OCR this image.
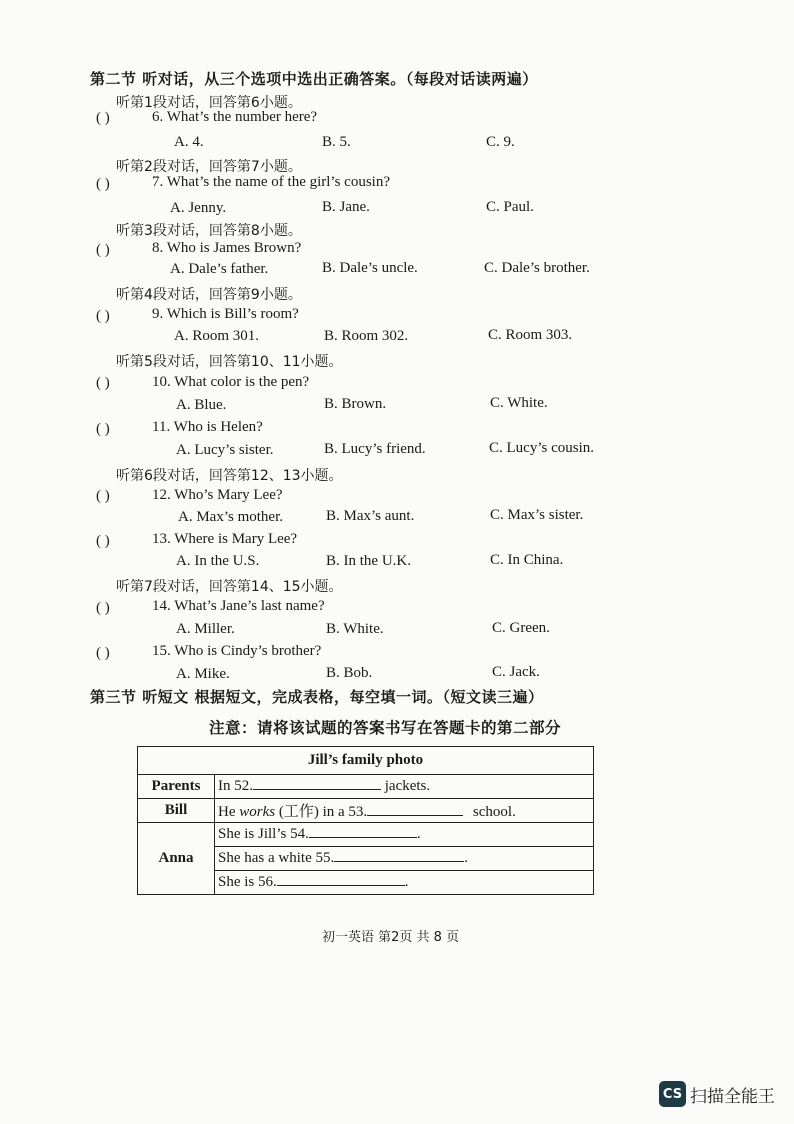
第二节 听对话，从三个选项中选出正确答案。（每段对话读两遍）
听第1段对话，回答第6小题。
( )	6. What’s the number here?
A. 4.	B. 5.	C. 9.
听第2段对话，回答第7小题。
( )	7. What’s the name of the girl’s cousin?
A. Jenny.	B. Jane.	C. Paul.
听第3段对话，回答第8小题。
( )	8. Who is James Brown?
A. Dale’s father.	B. Dale’s uncle.	C. Dale’s brother.
听第4段对话，回答第9小题。
( )	9. Which is Bill’s room?
A. Room 301.	B. Room 302.	C. Room 303.
听第5段对话，回答第10、11小题。
( )	10. What color is the pen?
A. Blue.	B. Brown.	C. White.
( )	11. Who is Helen?
A. Lucy’s sister.	B. Lucy’s friend.	C. Lucy’s cousin.
听第6段对话，回答第12、13小题。
( )	12. Who’s Mary Lee?
A. Max’s mother.	B. Max’s aunt.	C. Max’s sister.
( )	13. Where is Mary Lee?
A. In the U.S.	B. In the U.K.	C. In China.
听第7段对话，回答第14、15小题。
( )	14. What’s Jane’s last name?
A. Miller.	B. White.	C. Green.
( )	15. Who is Cindy’s brother?
A. Mike.	B. Bob.	C. Jack.
第三节 听短文 根据短文，完成表格，每空填一词。（短文读三遍）
注意：请将该试题的答案书写在答题卡的第二部分
Jill’s family photo	
Parents	In 52. jackets.
Bill	He works (工作) in a 53. school.
Anna	She is Jill’s 54. .
	She has a white 55. .
	She is 56. .
初一英语 第2页 共 8 页
CS 扫描全能王
